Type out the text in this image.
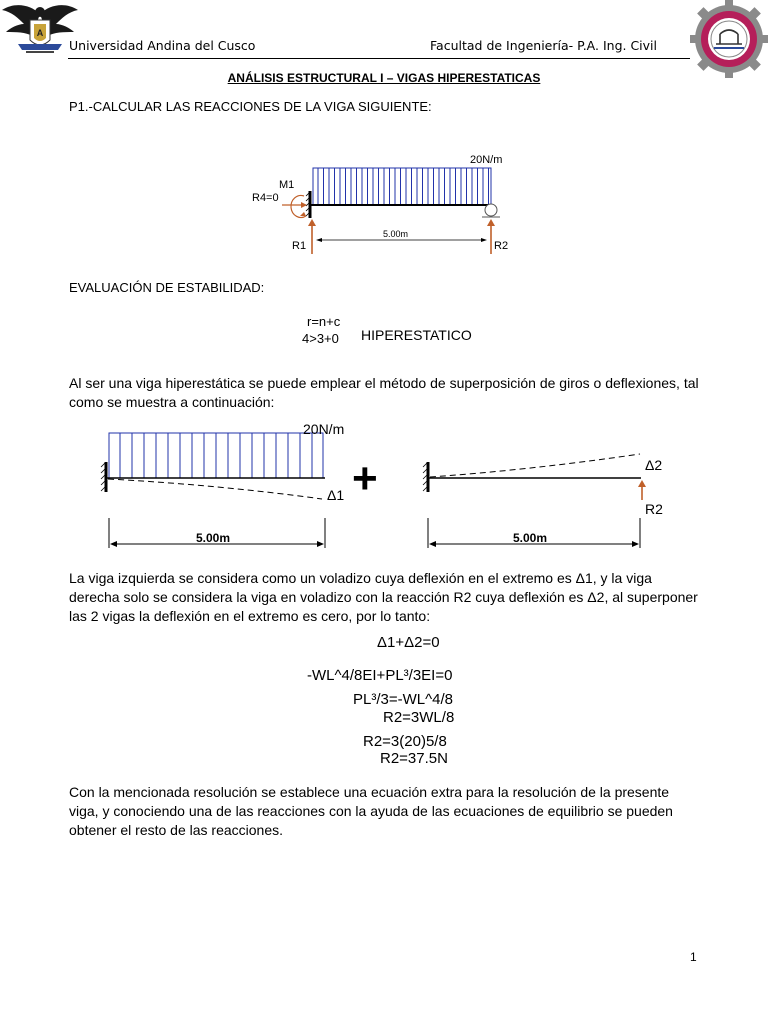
A
Universidad Andina del Cusco	Facultad de Ingeniería- P.A. Ing. Civil
ANÁLISIS ESTRUCTURAL I – VIGAS HIPERESTATICAS
P1.-CALCULAR LAS REACCIONES DE LA VIGA SIGUIENTE:
20N/m
M1
R4=0
R1	R2
5.00m
EVALUACIÓN DE ESTABILIDAD:
r=n+c
4>3+0 HIPERESTATICO
Al ser una viga hiperestática se puede emplear el método de superposición de giros o deflexiones, tal como se muestra a continuación:
20N/m
Δ1
5.00m
+	Δ2
R2
5.00m
La viga izquierda se considera como un voladizo cuya deflexión en el extremo es Δ1, y la viga derecha solo se considera la viga en voladizo con la reacción R2 cuya deflexión es Δ2, al superponer las 2 vigas la deflexión en el extremo es cero, por lo tanto:
Δ1+Δ2=0
-WL^4/8EI+PL³/3EI=0
PL³/3=-WL^4/8
R2=3WL/8
R2=3(20)5/8
R2=37.5N
Con la mencionada resolución se establece una ecuación extra para la resolución de la presente viga, y conociendo una de las reacciones con la ayuda de las ecuaciones de equilibrio se pueden obtener el resto de las reacciones.
1
